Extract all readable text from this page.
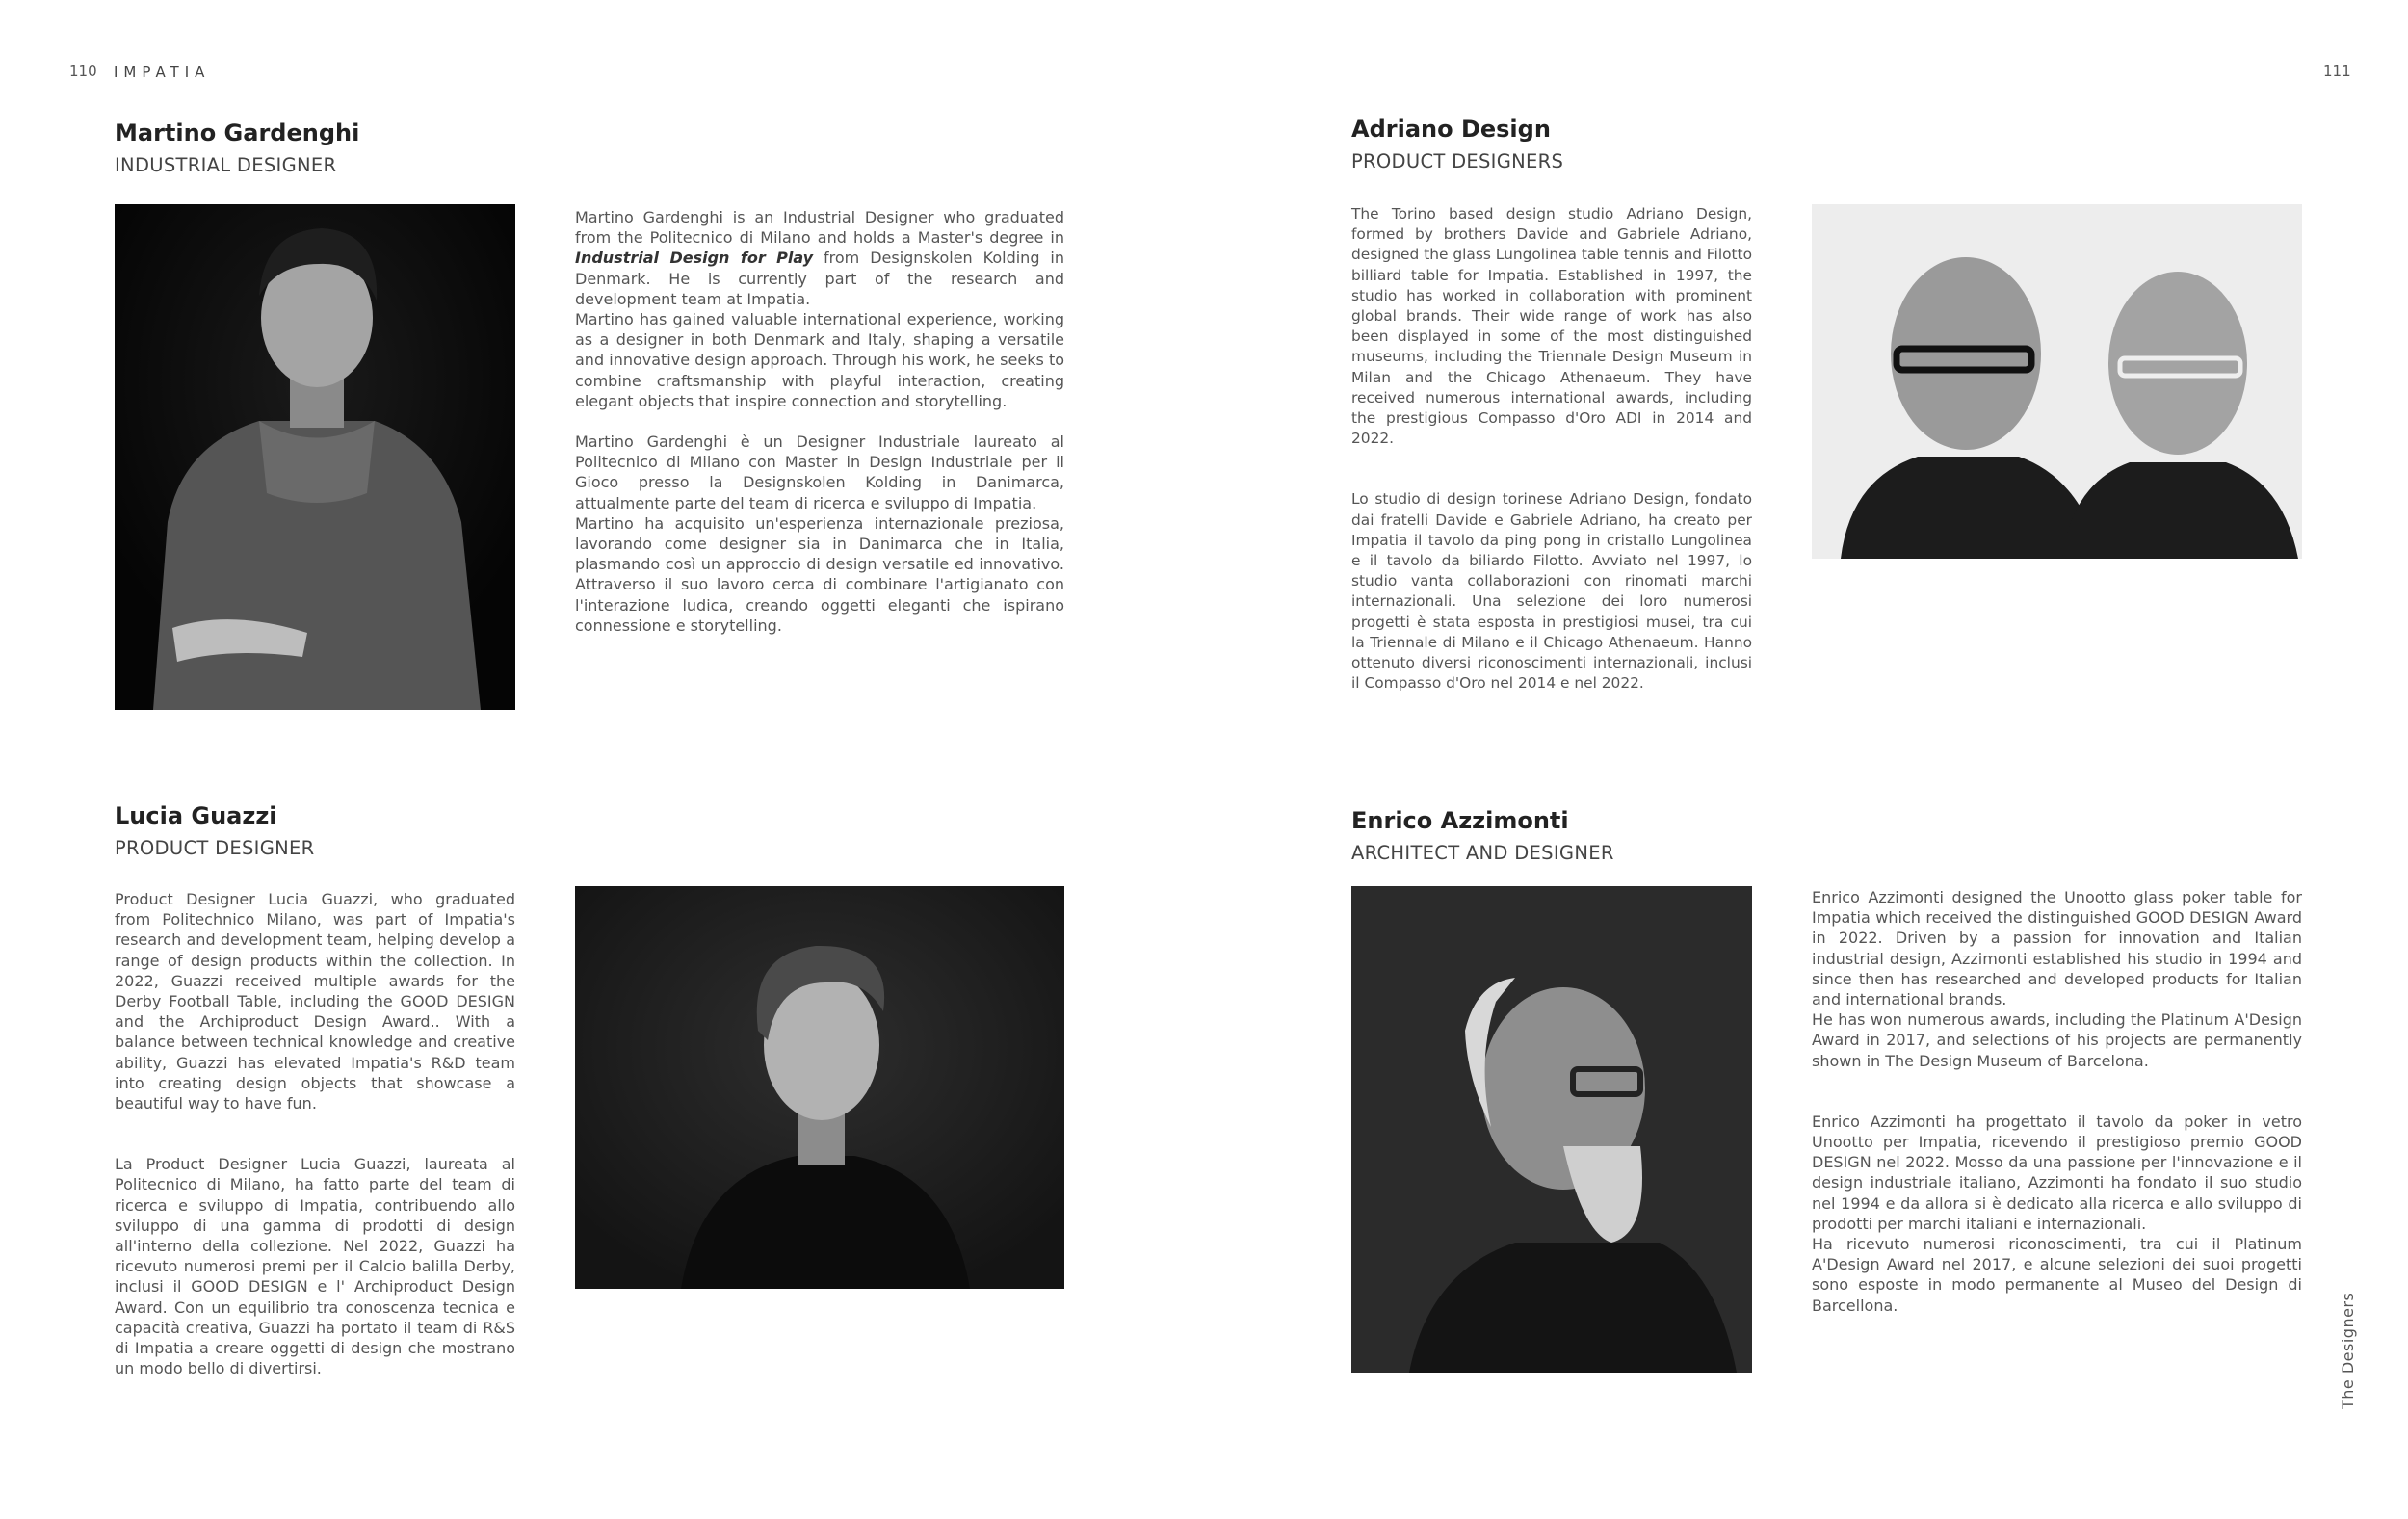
110 IMPATIA	111
The Designers
Martino Gardenghi

INDUSTRIAL DESIGNER

Martino Gardenghi is an Industrial Designer who graduated from the Politecnico di Milano and holds a Master's degree in Industrial Design for Play from Designskolen Kolding in Denmark. He is currently part of the research and development team at Impatia.

Martino has gained valuable international experience, working as a designer in both Denmark and Italy, shaping a versatile and innovative design approach. Through his work, he seeks to combine craftsmanship with playful interaction, creating elegant objects that inspire connection and storytelling.

Martino Gardenghi è un Designer Industriale laureato al Politecnico di Milano con Master in Design Industriale per il Gioco presso la Designskolen Kolding in Danimarca, attualmente parte del team di ricerca e sviluppo di Impatia.

Martino ha acquisito un'esperienza internazionale preziosa, lavorando come designer sia in Danimarca che in Italia, plasmando così un approccio di design versatile ed innovativo. Attraverso il suo lavoro cerca di combinare l'artigianato con l'interazione ludica, creando oggetti eleganti che ispirano connessione e storytelling.

Adriano Design

PRODUCT DESIGNERS

The Torino based design studio Adriano Design, formed by brothers Davide and Gabriele Adriano, designed the glass Lungolinea table tennis and Filotto billiard table for Impatia. Established in 1997, the studio has worked in collaboration with prominent global brands. Their wide range of work has also been displayed in some of the most distinguished museums, including the Triennale Design Museum in Milan and the Chicago Athenaeum. They have received numerous international awards, including the prestigious Compasso d'Oro ADI in 2014 and 2022.

Lo studio di design torinese Adriano Design, fondato dai fratelli Davide e Gabriele Adriano, ha creato per Impatia il tavolo da ping pong in cristallo Lungolinea e il tavolo da biliardo Filotto. Avviato nel 1997, lo studio vanta collaborazioni con rinomati marchi internazionali. Una selezione dei loro numerosi progetti è stata esposta in prestigiosi musei, tra cui la Triennale di Milano e il Chicago Athenaeum. Hanno ottenuto diversi riconoscimenti internazionali, inclusi il Compasso d'Oro nel 2014 e nel 2022.

Lucia Guazzi

PRODUCT DESIGNER

Product Designer Lucia Guazzi, who graduated from Politechnico Milano, was part of Impatia's research and development team, helping develop a range of design products within the collection. In 2022, Guazzi received multiple awards for the Derby Football Table, including the GOOD DESIGN and the Archiproduct Design Award.. With a balance between technical knowledge and creative ability, Guazzi has elevated Impatia's R&D team into creating design objects that showcase a beautiful way to have fun.

La Product Designer Lucia Guazzi, laureata al Politecnico di Milano, ha fatto parte del team di ricerca e sviluppo di Impatia, contribuendo allo sviluppo di una gamma di prodotti di design all'interno della collezione. Nel 2022, Guazzi ha ricevuto numerosi premi per il Calcio balilla Derby, inclusi il GOOD DESIGN e l' Archiproduct Design Award. Con un equilibrio tra conoscenza tecnica e capacità creativa, Guazzi ha portato il team di R&S di Impatia a creare oggetti di design che mostrano un modo bello di divertirsi.

Enrico Azzimonti

ARCHITECT AND DESIGNER

Enrico Azzimonti designed the Unootto glass poker table for Impatia which received the distinguished GOOD DESIGN Award in 2022. Driven by a passion for innovation and Italian industrial design, Azzimonti established his studio in 1994 and since then has researched and developed products for Italian and international brands.

He has won numerous awards, including the Platinum A'Design Award in 2017, and selections of his projects are permanently shown in The Design Museum of Barcelona.

Enrico Azzimonti ha progettato il tavolo da poker in vetro Unootto per Impatia, ricevendo il prestigioso premio GOOD DESIGN nel 2022. Mosso da una passione per l'innovazione e il design industriale italiano, Azzimonti ha fondato il suo studio nel 1994 e da allora si è dedicato alla ricerca e allo sviluppo di prodotti per marchi italiani e internazionali.

Ha ricevuto numerosi riconoscimenti, tra cui il Platinum A'Design Award nel 2017, e alcune selezioni dei suoi progetti sono esposte in modo permanente al Museo del Design di Barcellona.
